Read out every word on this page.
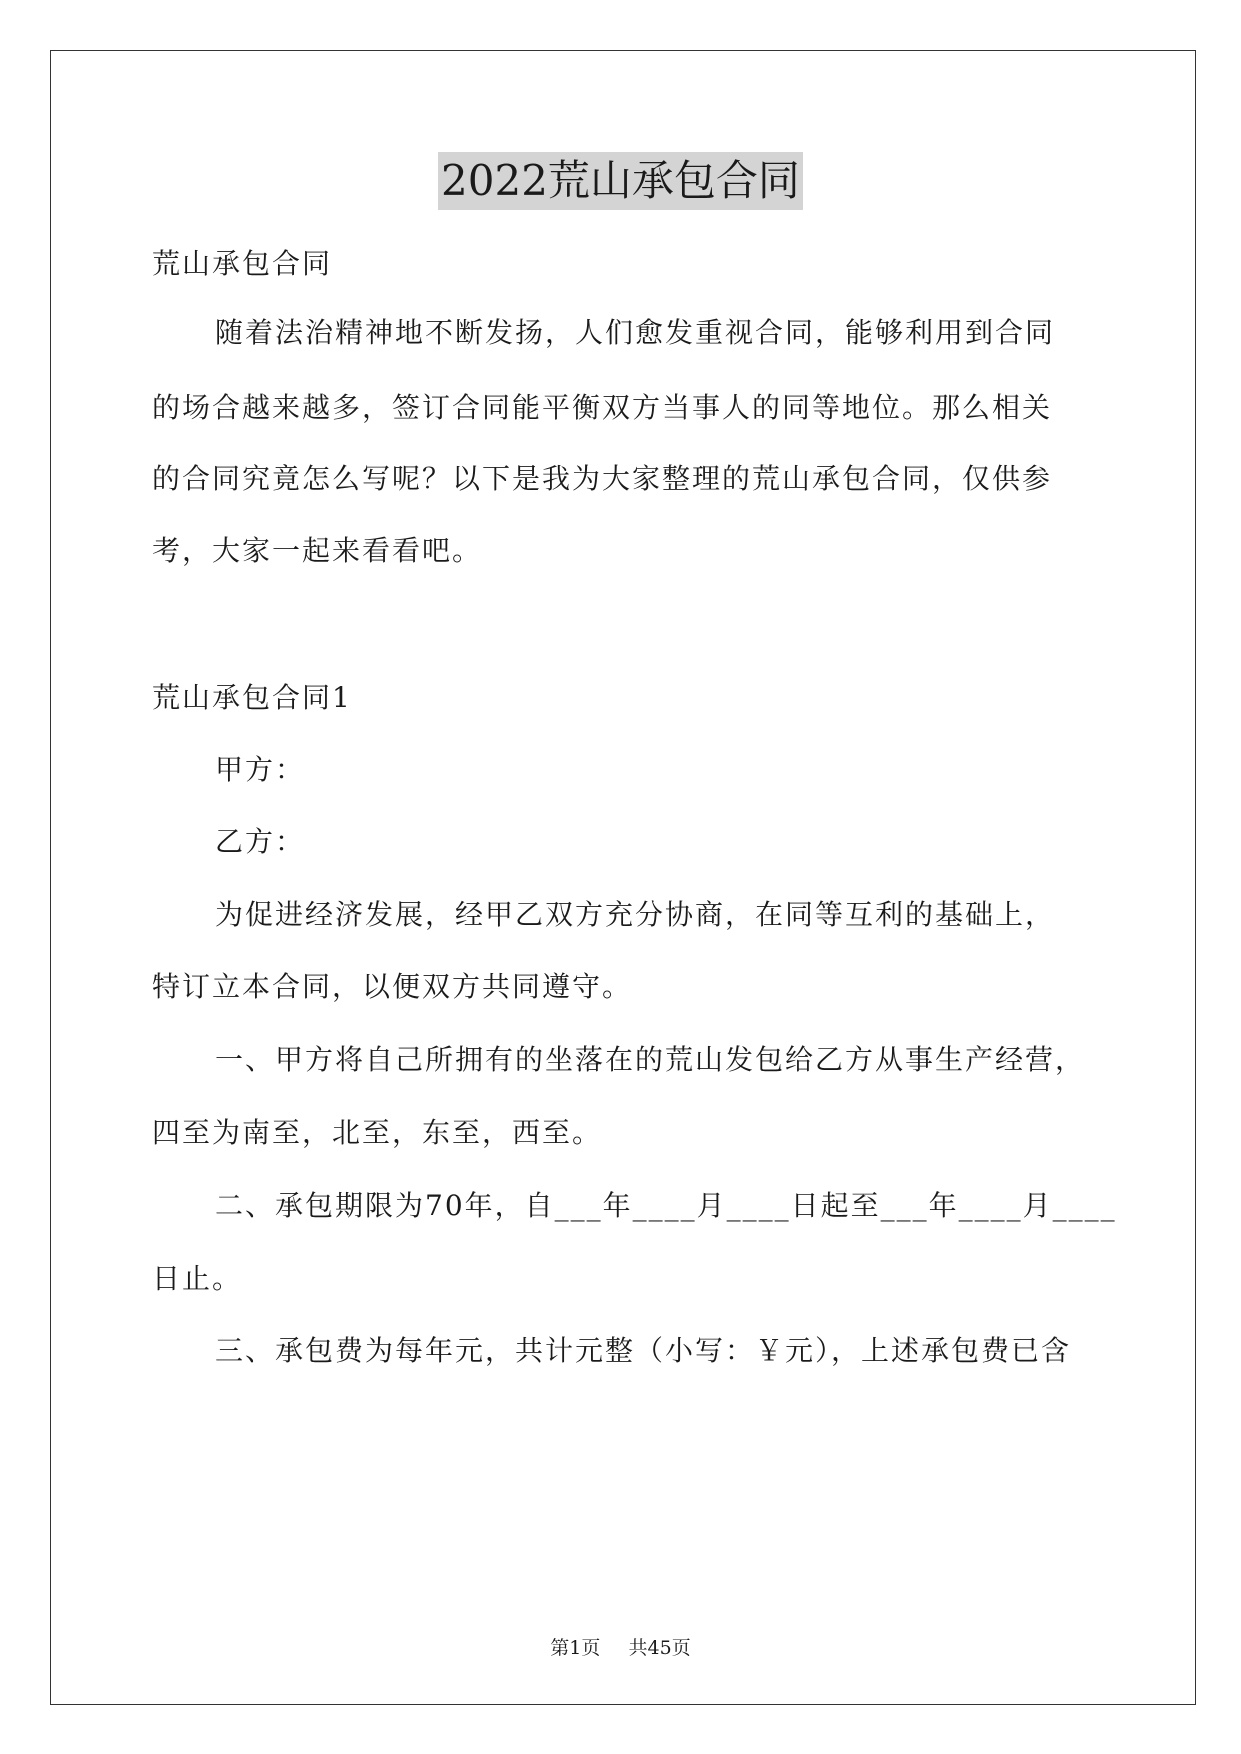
2022荒山承包合同
荒山承包合同
随着法治精神地不断发扬，人们愈发重视合同，能够利用到合同
的场合越来越多，签订合同能平衡双方当事人的同等地位。那么相关
的合同究竟怎么写呢？以下是我为大家整理的荒山承包合同，仅供参
考，大家一起来看看吧。
荒山承包合同1
甲方：
乙方：
为促进经济发展，经甲乙双方充分协商，在同等互利的基础上，
特订立本合同，以便双方共同遵守。
一、甲方将自己所拥有的坐落在的荒山发包给乙方从事生产经营，
四至为南至，北至，东至，西至。
二、承包期限为70年，自___年____月____日起至___年____月____
日止。
三、承包费为每年元，共计元整（小写：￥元），上述承包费已含
第1页 共45页
